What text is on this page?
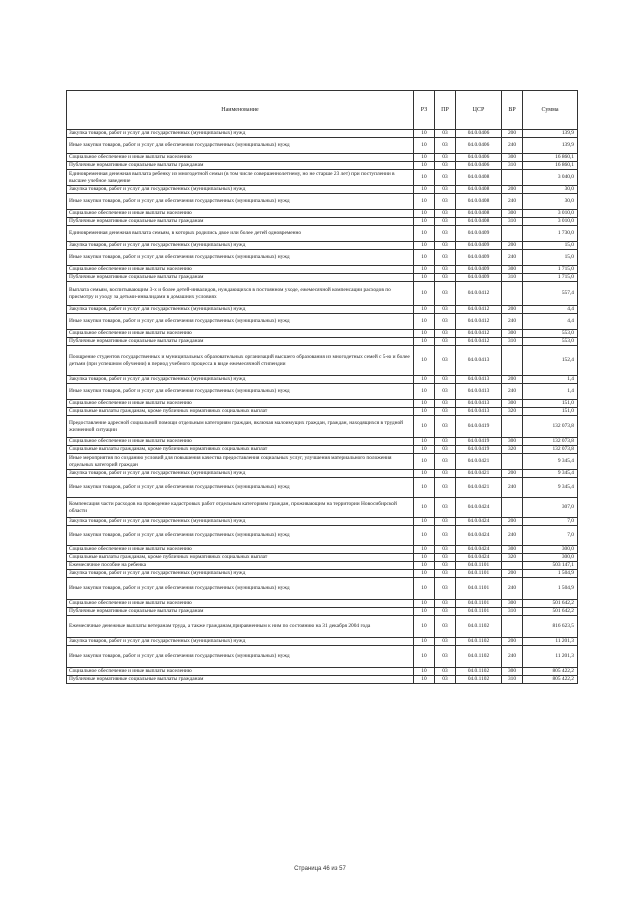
Наименование	РЗ	ПР	ЦСР	ВР	Сумма
Закупка товаров, работ и услуг для государственных (муниципальных) нужд	10	03	04.0.0406	200	139,9
Иные закупки товаров, работ и услуг для обеспечения государственных (муниципальных) нужд	10	03	04.0.0406	240	139,9
Социальное обеспечение и иные выплаты населению	10	03	04.0.0406	300	16 860,1
Публичные нормативные социальные выплаты гражданам	10	03	04.0.0406	310	16 860,1
Единовременная денежная выплата ребенку из многодетной семьи (в том числе совершеннолетнему, но не старше 23 лет) при поступлении в высшее учебное заведение	10	03	04.0.0408		3 040,0
Закупка товаров, работ и услуг для государственных (муниципальных) нужд	10	03	04.0.0408	200	30,0
Иные закупки товаров, работ и услуг для обеспечения государственных (муниципальных) нужд	10	03	04.0.0408	240	30,0
Социальное обеспечение и иные выплаты населению	10	03	04.0.0408	300	3 010,0
Публичные нормативные социальные выплаты гражданам	10	03	04.0.0408	310	3 010,0
Единовременная денежная выплата семьям, в которых родились двое или более детей одновременно	10	03	04.0.0409		1 730,0
Закупка товаров, работ и услуг для государственных (муниципальных) нужд	10	03	04.0.0409	200	15,0
Иные закупки товаров, работ и услуг для обеспечения государственных (муниципальных) нужд	10	03	04.0.0409	240	15,0
Социальное обеспечение и иные выплаты населению	10	03	04.0.0409	300	1 715,0
Публичные нормативные социальные выплаты гражданам	10	03	04.0.0409	310	1 715,0
Выплата семьям, воспитывающим 3-х и более детей-инвалидов, нуждающихся в постоянном уходе, ежемесячной компенсации расходов по присмотру и уходу за детьми-инвалидами в домашних условиях	10	03	04.0.0412		557,4
Закупка товаров, работ и услуг для государственных (муниципальных) нужд	10	03	04.0.0412	200	4,4
Иные закупки товаров, работ и услуг для обеспечения государственных (муниципальных) нужд	10	03	04.0.0412	240	4,4
Социальное обеспечение и иные выплаты населению	10	03	04.0.0412	300	553,0
Публичные нормативные социальные выплаты гражданам	10	03	04.0.0412	310	553,0
Поощрение студентов государственных и муниципальных образовательных организаций высшего образования из многодетных семей с 5-ю и более детьми (при успешном обучении) в период учебного процесса в виде ежемесячной стипендии	10	03	04.0.0413		152,4
Закупка товаров, работ и услуг для государственных (муниципальных) нужд	10	03	04.0.0413	200	1,4
Иные закупки товаров, работ и услуг для обеспечения государственных (муниципальных) нужд	10	03	04.0.0413	240	1,4
Социальное обеспечение и иные выплаты населению	10	03	04.0.0413	300	151,0
Социальные выплаты гражданам, кроме публичных нормативных социальных выплат	10	03	04.0.0413	320	151,0
Предоставление адресной социальной помощи отдельным категориям граждан, включая малоимущих граждан, граждан, находящихся в трудной жизненной ситуации	10	03	04.0.0419		132 073,8
Социальное обеспечение и иные выплаты населению	10	03	04.0.0419	300	132 073,8
Социальные выплаты гражданам, кроме публичных нормативных социальных выплат	10	03	04.0.0419	320	132 073,8
Иные мероприятия по созданию условий для повышения качества предоставления социальных услуг, улучшения материального положения отдельных категорий граждан	10	03	04.0.0421		9 345,4
Закупка товаров, работ и услуг для государственных (муниципальных) нужд	10	03	04.0.0421	200	9 345,4
Иные закупки товаров, работ и услуг для обеспечения государственных (муниципальных) нужд	10	03	04.0.0421	240	9 345,4
Компенсация части расходов на проведение кадастровых работ отдельным категориям граждан, проживающим на территории Новосибирской области	10	03	04.0.0424		307,0
Закупка товаров, работ и услуг для государственных (муниципальных) нужд	10	03	04.0.0424	200	7,0
Иные закупки товаров, работ и услуг для обеспечения государственных (муниципальных) нужд	10	03	04.0.0424	240	7,0
Социальное обеспечение и иные выплаты населению	10	03	04.0.0424	300	300,0
Социальные выплаты гражданам, кроме публичных нормативных социальных выплат	10	03	04.0.0424	320	300,0
Ежемесячное пособие на ребенка	10	03	04.0.1101		503 147,1
Закупка товаров, работ и услуг для государственных (муниципальных) нужд	10	03	04.0.1101	200	1 504,9
Иные закупки товаров, работ и услуг для обеспечения государственных (муниципальных) нужд	10	03	04.0.1101	240	1 504,9
Социальное обеспечение и иные выплаты населению	10	03	04.0.1101	300	501 642,2
Публичные нормативные социальные выплаты гражданам	10	03	04.0.1101	310	501 642,2
Ежемесячные денежные выплаты ветеранам труда, а также гражданам,приравненным к ним по состоянию на 31 декабря 2004 года	10	03	04.0.1102		816 623,5
Закупка товаров, работ и услуг для государственных (муниципальных) нужд	10	03	04.0.1102	200	11 201,3
Иные закупки товаров, работ и услуг для обеспечения государственных (муниципальных) нужд	10	03	04.0.1102	240	11 201,3
Социальное обеспечение и иные выплаты населению	10	03	04.0.1102	300	805 422,2
Публичные нормативные социальные выплаты гражданам	10	03	04.0.1102	310	805 422,2
Страница 46 из 57
